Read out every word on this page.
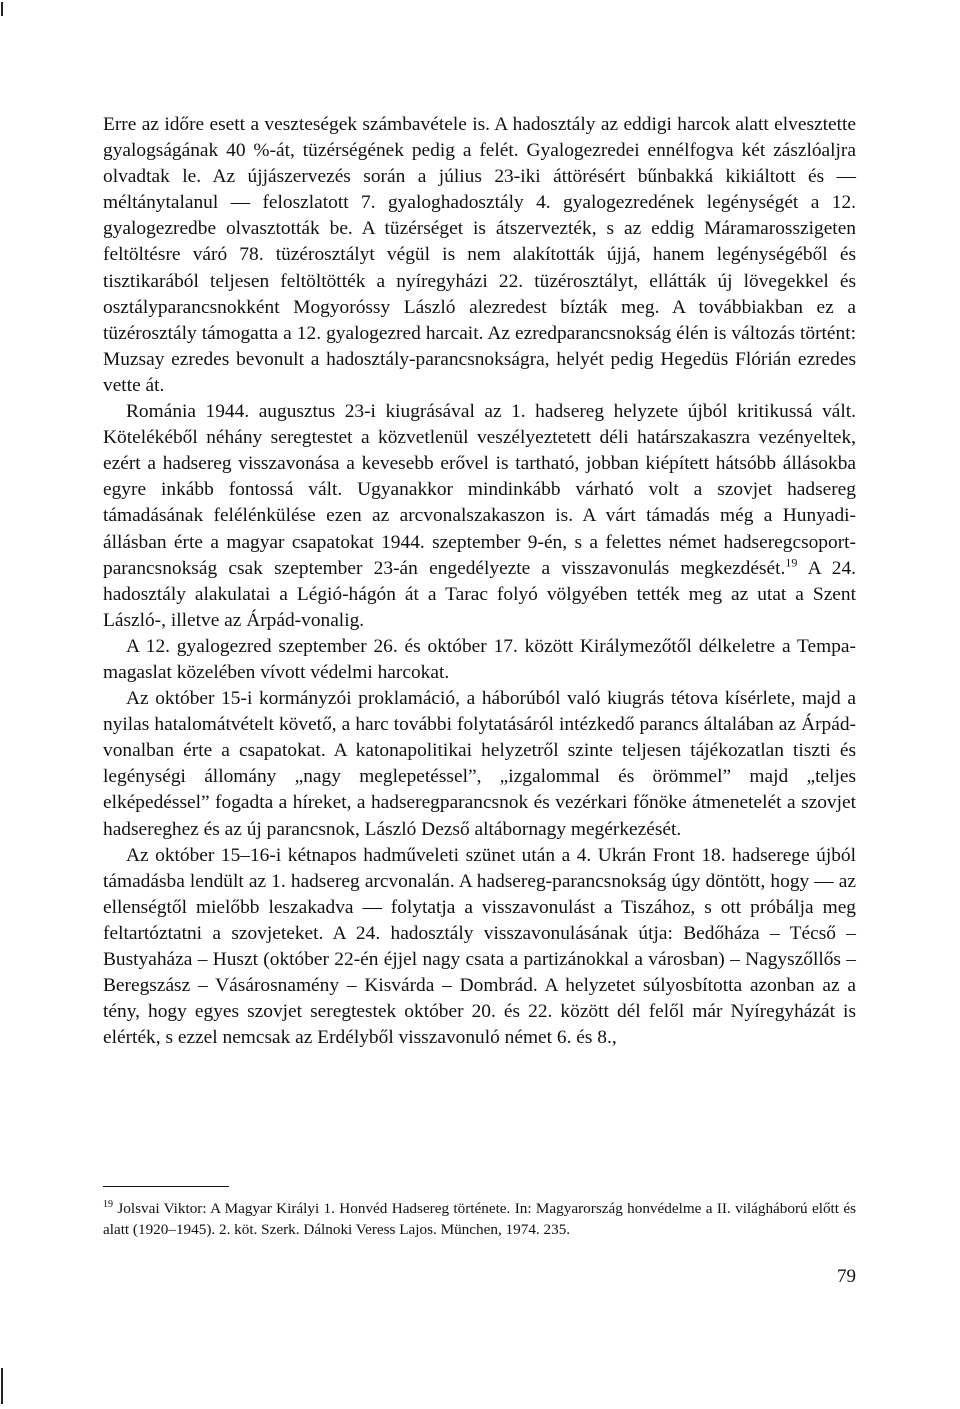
Erre az időre esett a veszteségek számbavétele is. A hadosztály az eddigi harcok alatt elvesztette gyalogságának 40 %-át, tüzérségének pedig a felét. Gyalogezredei ennélfogva két zászlóaljra olvadtak le. Az újjászervezés során a július 23-iki áttörésért bűnbakká kikiáltott és — méltánytalanul — feloszlatott 7. gyaloghadosztály 4. gyalogezredének legénységét a 12. gyalogezredbe olvasztották be. A tüzérséget is átszervezték, s az eddig Máramarosszigeten feltöltésre váró 78. tüzérosztályt végül is nem alakították újjá, hanem legénységéből és tisztikarából teljesen feltöltötték a nyíregyházi 22. tüzérosztályt, ellátták új lövegekkel és osztályparancsnokként Mogyoróssy László alezredest bízták meg. A továbbiakban ez a tüzérosztály támogatta a 12. gyalogezred harcait. Az ezredparancsnokság élén is változás történt: Muzsay ezredes bevonult a hadosztály-parancsnokságra, helyét pedig Hegedüs Flórián ezredes vette át.

Románia 1944. augusztus 23-i kiugrásával az 1. hadsereg helyzete újból kritikussá vált. Kötelékéből néhány seregtestet a közvetlenül veszélyeztetett déli határszakaszra vezényeltek, ezért a hadsereg visszavonása a kevesebb erővel is tartható, jobban kiépített hátsóbb állásokba egyre inkább fontossá vált. Ugyanakkor mindinkább várható volt a szovjet hadsereg támadásának felélénkülése ezen az arcvonalszakaszon is. A várt támadás még a Hunyadi-állásban érte a magyar csapatokat 1944. szeptember 9-én, s a felettes német hadseregcsoport-parancsnokság csak szeptember 23-án engedélyezte a visszavonulás megkezdését.$^{19}$ A 24. hadosztály alakulatai a Légió-hágón át a Tarac folyó völgyében tették meg az utat a Szent László-, illetve az Árpád-vonalig.

A 12. gyalogezred szeptember 26. és október 17. között Királymezőtől délkeletre a Tempa-magaslat közelében vívott védelmi harcokat.

Az október 15-i kormányzói proklamáció, a háborúból való kiugrás tétova kísérlete, majd a nyilas hatalomátvételt követő, a harc további folytatásáról intézkedő parancs általában az Árpád-vonalban érte a csapatokat. A katonapolitikai helyzetről szinte teljesen tájékozatlan tiszti és legénységi állomány „nagy meglepetéssel”, „izgalommal és örömmel” majd „teljes elképedéssel” fogadta a híreket, a hadseregparancsnok és vezérkari főnöke átmenetelét a szovjet hadsereghez és az új parancsnok, László Dezső altábornagy megérkezését.

Az október 15–16-i kétnapos hadműveleti szünet után a 4. Ukrán Front 18. hadserege újból támadásba lendült az 1. hadsereg arcvonalán. A hadsereg-parancsnokság úgy döntött, hogy — az ellenségtől mielőbb leszakadva — folytatja a visszavonulást a Tiszához, s ott próbálja meg feltartóztatni a szovjeteket. A 24. hadosztály visszavonulásának útja: Bedőháza – Técső – Bustyaháza – Huszt (október 22-én éjjel nagy csata a partizánokkal a városban) – Nagyszőllős – Beregszász – Vásárosnamény – Kisvárda – Dombrád. A helyzetet súlyosbította azonban az a tény, hogy egyes szovjet seregtestek október 20. és 22. között dél felől már Nyíregyházát is elérték, s ezzel nemcsak az Erdélyből visszavonuló német 6. és 8.,

$^{19}$ Jolsvai Viktor: A Magyar Királyi 1. Honvéd Hadsereg története. In: Magyarország honvédelme a II. világháború előtt és alatt (1920–1945). 2. köt. Szerk. Dálnoki Veress Lajos. München, 1974. 235.

79
